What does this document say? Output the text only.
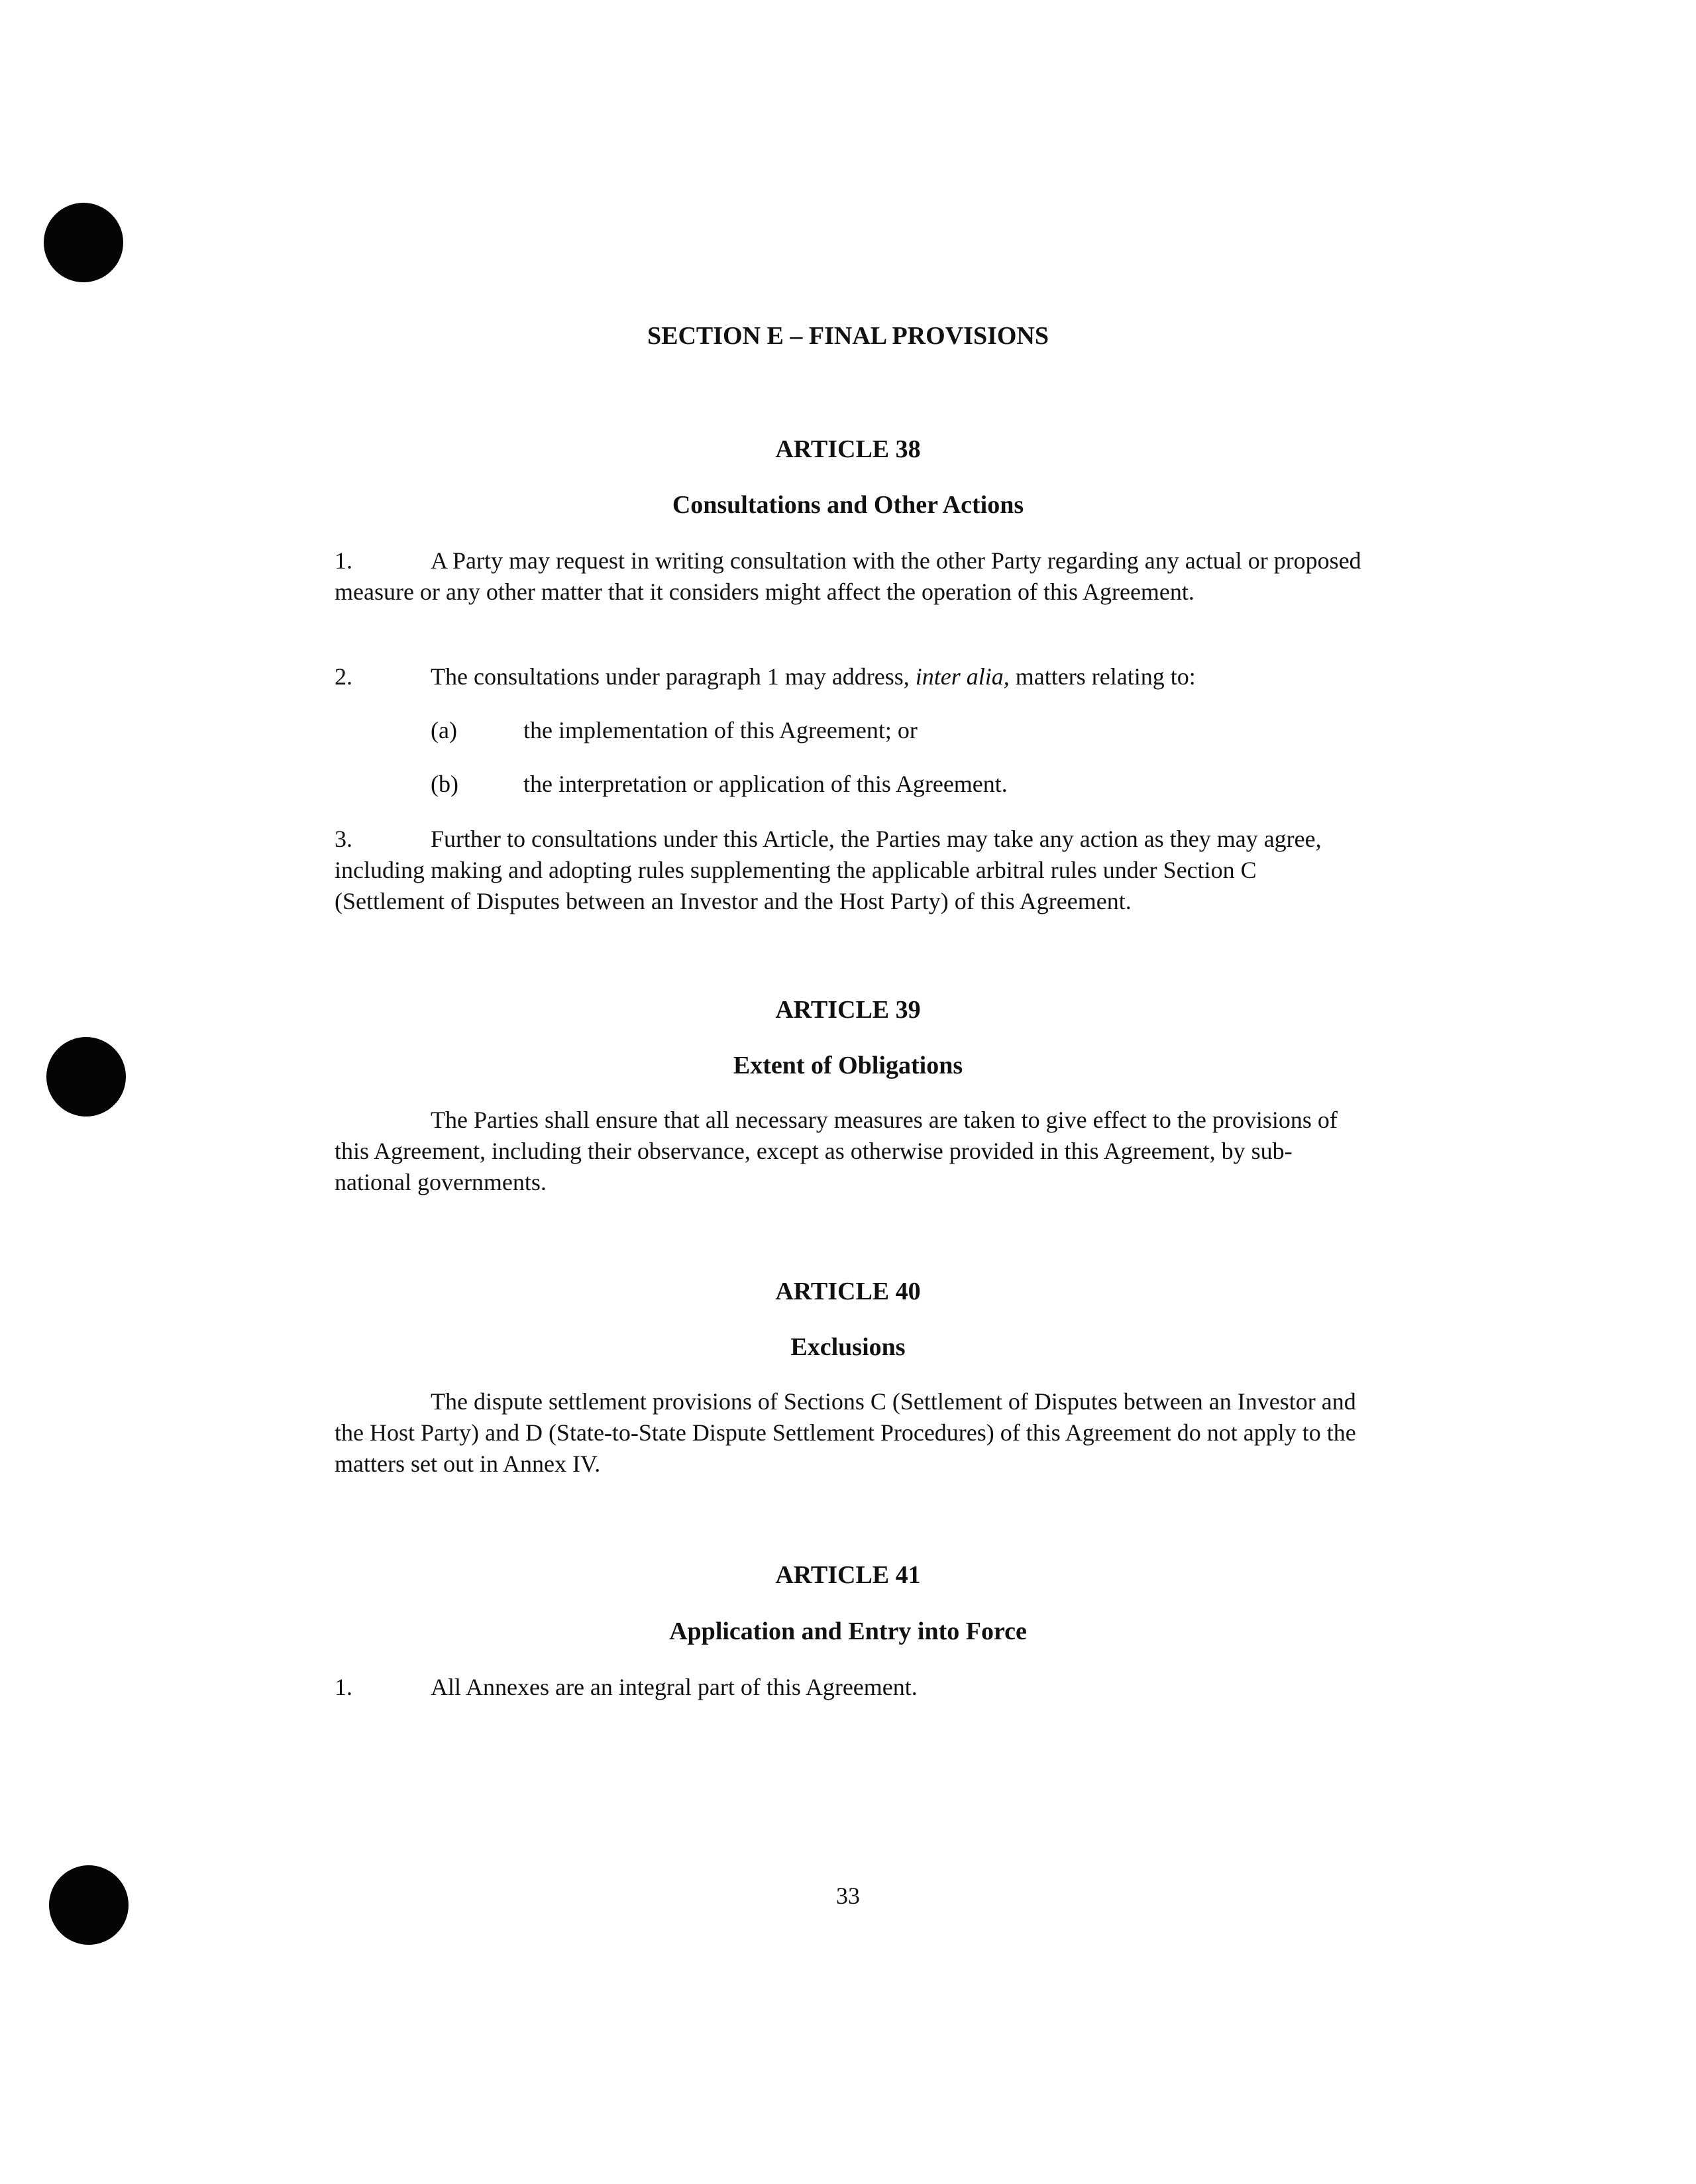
SECTION E – FINAL PROVISIONS
ARTICLE 38
Consultations and Other Actions
1.	A Party may request in writing consultation with the other Party regarding any actual or proposed measure or any other matter that it considers might affect the operation of this Agreement.
2.	The consultations under paragraph 1 may address, inter alia, matters relating to:
(a)	the implementation of this Agreement; or
(b)	the interpretation or application of this Agreement.
3.	Further to consultations under this Article, the Parties may take any action as they may agree, including making and adopting rules supplementing the applicable arbitral rules under Section C (Settlement of Disputes between an Investor and the Host Party) of this Agreement.
ARTICLE 39
Extent of Obligations
The Parties shall ensure that all necessary measures are taken to give effect to the provisions of this Agreement, including their observance, except as otherwise provided in this Agreement, by sub-national governments.
ARTICLE 40
Exclusions
The dispute settlement provisions of Sections C (Settlement of Disputes between an Investor and the Host Party) and D (State-to-State Dispute Settlement Procedures) of this Agreement do not apply to the matters set out in Annex IV.
ARTICLE 41
Application and Entry into Force
1.	All Annexes are an integral part of this Agreement.
33
